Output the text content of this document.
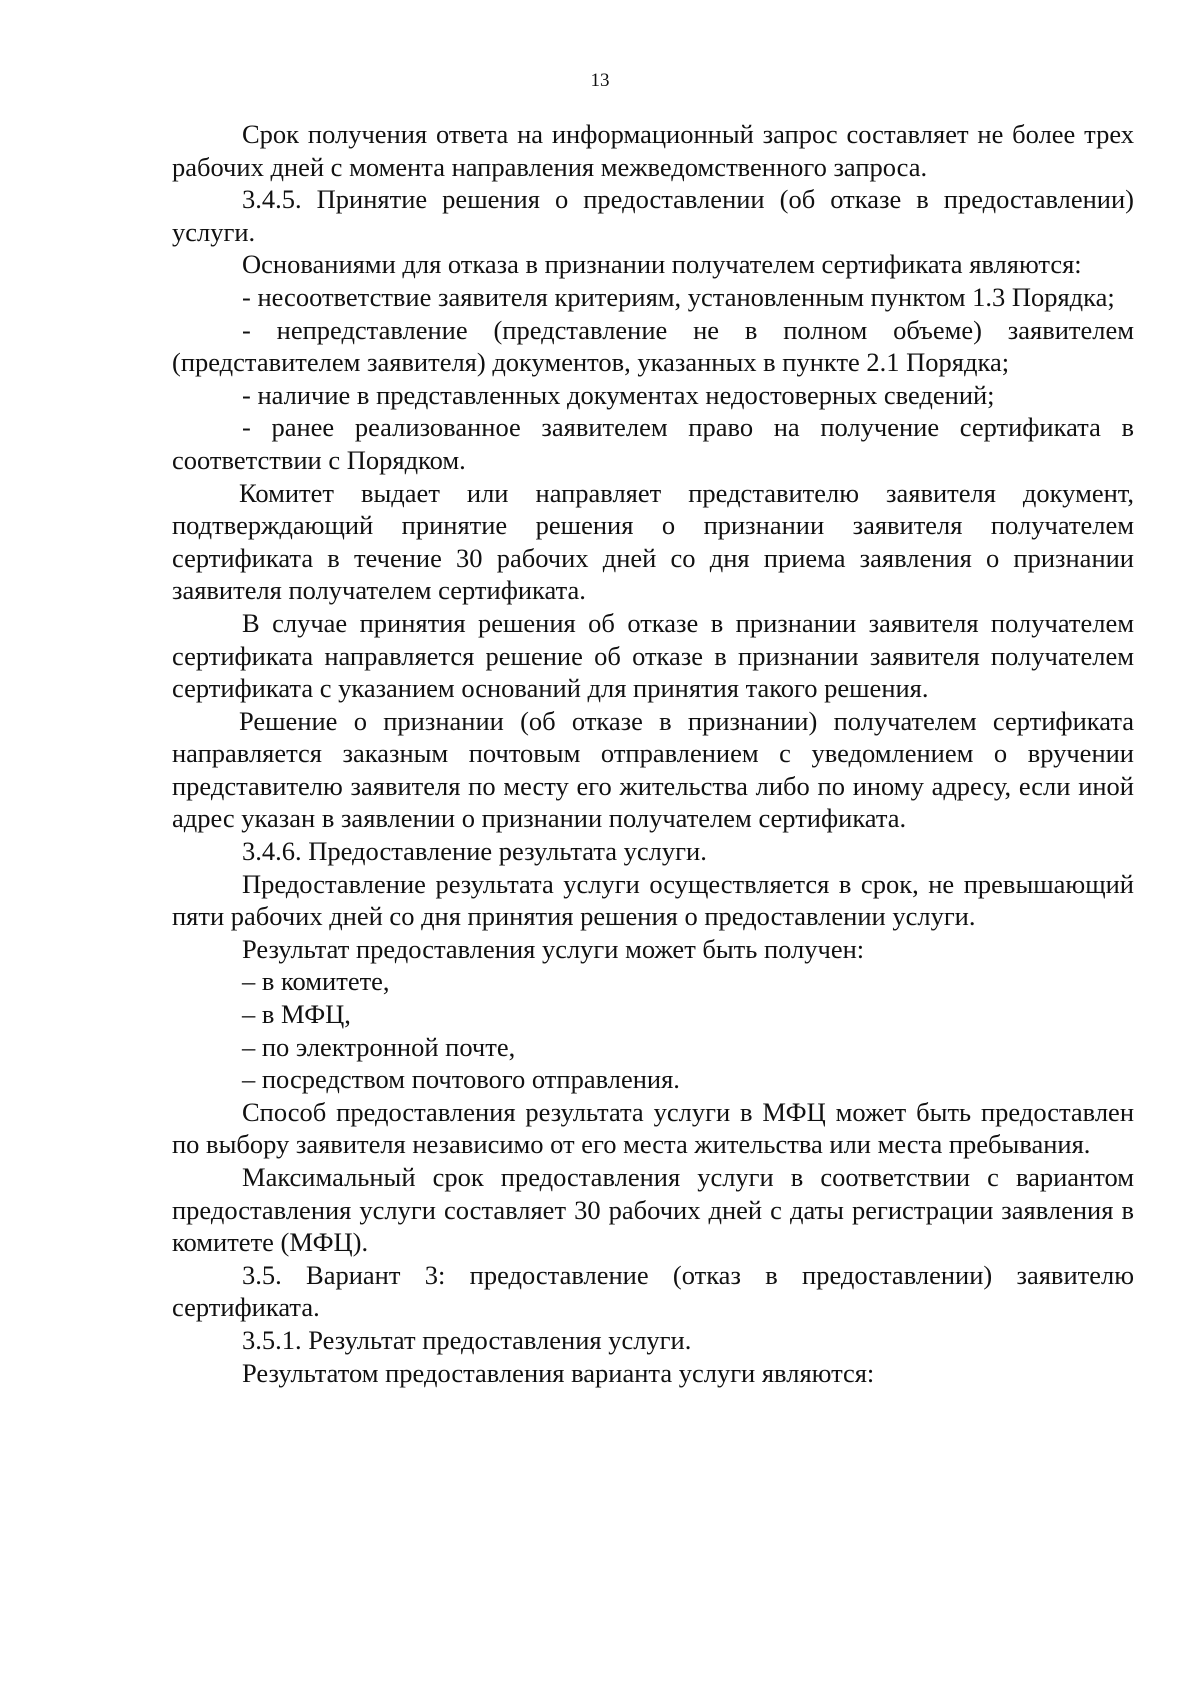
13

Срок получения ответа на информационный запрос составляет не более трех рабочих дней с момента направления межведомственного запроса.

3.4.5. Принятие решения о предоставлении (об отказе в предоставлении) услуги.

Основаниями для отказа в признании получателем сертификата являются:

- несоответствие заявителя критериям, установленным пунктом 1.3 Порядка;

- непредставление (представление не в полном объеме) заявителем (представителем заявителя) документов, указанных в пункте 2.1 Порядка;

- наличие в представленных документах недостоверных сведений;

- ранее реализованное заявителем право на получение сертификата в соответствии с Порядком.

Комитет выдает или направляет представителю заявителя документ, подтверждающий принятие решения о признании заявителя получателем сертификата в течение 30 рабочих дней со дня приема заявления о признании заявителя получателем сертификата.

В случае принятия решения об отказе в признании заявителя получателем сертификата направляется решение об отказе в признании заявителя получателем сертификата с указанием оснований для принятия такого решения.

Решение о признании (об отказе в признании) получателем сертификата направляется заказным почтовым отправлением с уведомлением о вручении представителю заявителя по месту его жительства либо по иному адресу, если иной адрес указан в заявлении о признании получателем сертификата.

3.4.6. Предоставление результата услуги.

Предоставление результата услуги осуществляется в срок, не превышающий пяти рабочих дней со дня принятия решения о предоставлении услуги.

Результат предоставления услуги может быть получен:

– в комитете,

– в МФЦ,

– по электронной почте,

– посредством почтового отправления.

Способ предоставления результата услуги в МФЦ может быть предоставлен по выбору заявителя независимо от его места жительства или места пребывания.

Максимальный срок предоставления услуги в соответствии с вариантом предоставления услуги составляет 30 рабочих дней с даты регистрации заявления в комитете (МФЦ).

3.5. Вариант 3: предоставление (отказ в предоставлении) заявителю сертификата.

3.5.1. Результат предоставления услуги.

Результатом предоставления варианта услуги являются:
